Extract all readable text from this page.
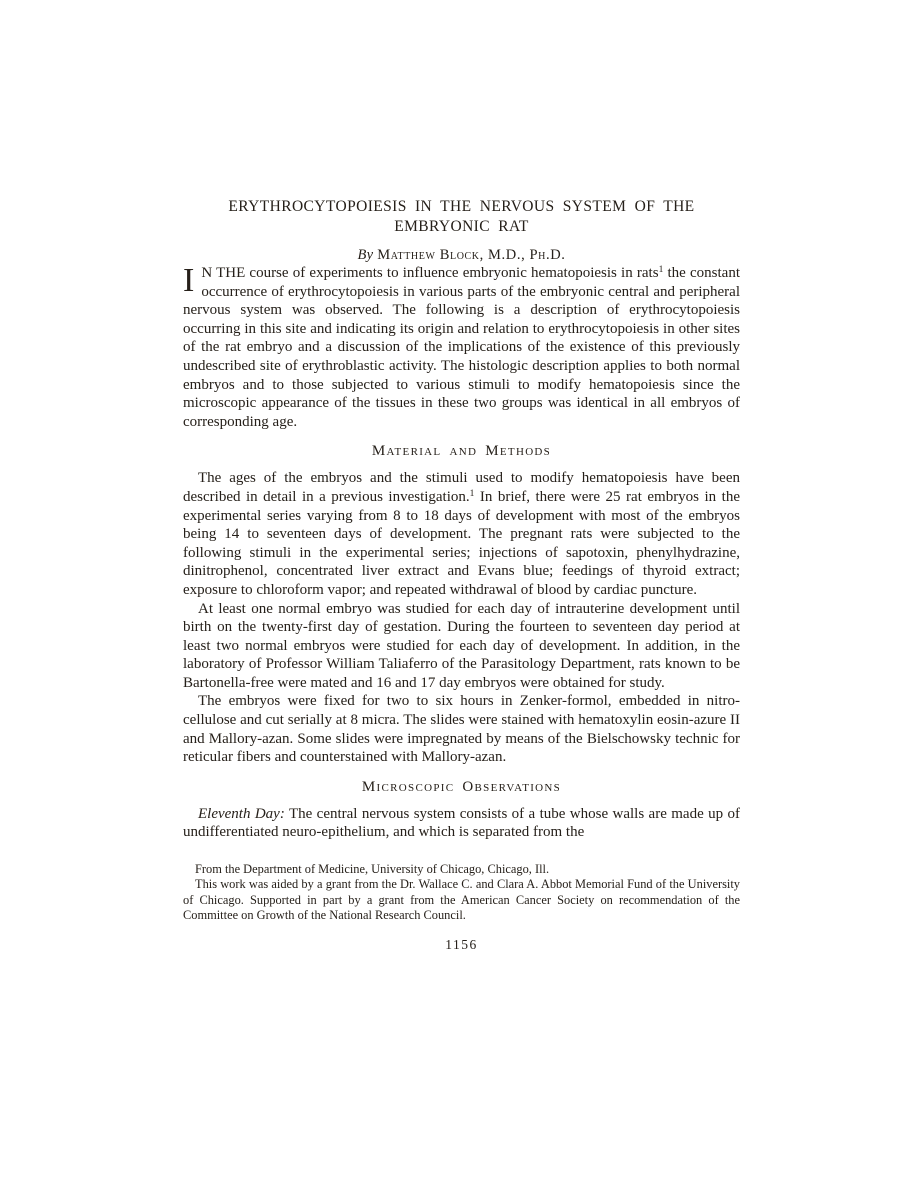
ERYTHROCYTOPOIESIS IN THE NERVOUS SYSTEM OF THE
EMBRYONIC RAT
By Matthew Block, M.D., Ph.D.

I N THE course of experiments to influence embryonic hematopoiesis in rats$^1$ the constant occurrence of erythrocytopoiesis in various parts of the embryonic central and peripheral nervous system was observed. The following is a description of erythrocytopoiesis occurring in this site and indicating its origin and relation to erythrocytopoiesis in other sites of the rat embryo and a discussion of the implications of the existence of this previously undescribed site of erythroblastic activity. The histologic description applies to both normal embryos and to those subjected to various stimuli to modify hematopoiesis since the microscopic appearance of the tissues in these two groups was identical in all embryos of corresponding age.

Material and Methods

The ages of the embryos and the stimuli used to modify hematopoiesis have been described in detail in a previous investigation.$^1$ In brief, there were 25 rat embryos in the experimental series varying from 8 to 18 days of development with most of the embryos being 14 to seventeen days of development. The pregnant rats were subjected to the following stimuli in the experimental series; injections of sapotoxin, phenylhydrazine, dinitrophenol, concentrated liver extract and Evans blue; feedings of thyroid extract; exposure to chloroform vapor; and repeated withdrawal of blood by cardiac puncture.

At least one normal embryo was studied for each day of intrauterine development until birth on the twenty-first day of gestation. During the fourteen to seventeen day period at least two normal embryos were studied for each day of development. In addition, in the laboratory of Professor William Taliaferro of the Parasitology Department, rats known to be Bartonella-free were mated and 16 and 17 day embryos were obtained for study.

The embryos were fixed for two to six hours in Zenker-formol, embedded in nitro-cellulose and cut serially at 8 micra. The slides were stained with hematoxylin eosin-azure II and Mallory-azan. Some slides were impregnated by means of the Bielschowsky technic for reticular fibers and counterstained with Mallory-azan.

Microscopic Observations

Eleventh Day: The central nervous system consists of a tube whose walls are made up of undifferentiated neuro-epithelium, and which is separated from the

From the Department of Medicine, University of Chicago, Chicago, Ill.

This work was aided by a grant from the Dr. Wallace C. and Clara A. Abbot Memorial Fund of the University of Chicago. Supported in part by a grant from the American Cancer Society on recommendation of the Committee on Growth of the National Research Council.

1156
